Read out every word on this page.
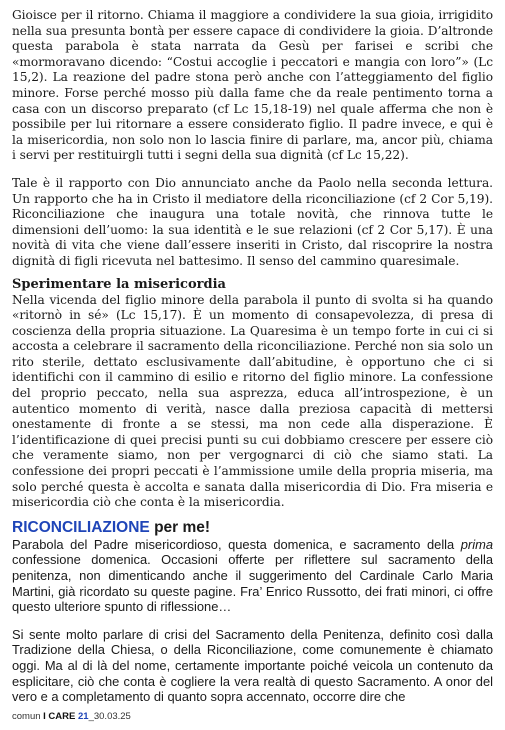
Gioisce per il ritorno. Chiama il maggiore a condividere la sua gioia, irrigidito nella sua presunta bontà per essere capace di condividere la gioia. D’altronde questa parabola è stata narrata da Gesù per farisei e scribi che «mormoravano dicendo: “Costui accoglie i peccatori e mangia con loro”» (Lc 15,2). La reazione del padre stona però anche con l’atteggiamento del figlio minore. Forse perché mosso più dalla fame che da reale pentimento torna a casa con un discorso preparato (cf Lc 15,18-19) nel quale afferma che non è possibile per lui ritornare a essere considerato figlio. Il padre invece, e qui è la misericordia, non solo non lo lascia finire di parlare, ma, ancor più, chiama i servi per restituirgli tutti i segni della sua dignità (cf Lc 15,22).

Tale è il rapporto con Dio annunciato anche da Paolo nella seconda lettura. Un rapporto che ha in Cristo il mediatore della riconciliazione (cf 2 Cor 5,19). Riconciliazione che inaugura una totale novità, che rinnova tutte le dimensioni dell’uomo: la sua identità e le sue relazioni (cf 2 Cor 5,17). È una novità di vita che viene dall’essere inseriti in Cristo, dal riscoprire la nostra dignità di figli ricevuta nel battesimo. Il senso del cammino quaresimale.

Sperimentare la misericordia

Nella vicenda del figlio minore della parabola il punto di svolta si ha quando «ritornò in sé» (Lc 15,17). È un momento di consapevolezza, di presa di coscienza della propria situazione. La Quaresima è un tempo forte in cui ci si accosta a celebrare il sacramento della riconciliazione. Perché non sia solo un rito sterile, dettato esclusivamente dall’abitudine, è opportuno che ci si identifichi con il cammino di esilio e ritorno del figlio minore. La confessione del proprio peccato, nella sua asprezza, educa all’introspezione, è un autentico momento di verità, nasce dalla preziosa capacità di mettersi onestamente di fronte a se stessi, ma non cede alla disperazione. È l’identificazione di quei precisi punti su cui dobbiamo crescere per essere ciò che veramente siamo, non per vergognarci di ciò che siamo stati. La confessione dei propri peccati è l’ammissione umile della propria miseria, ma solo perché questa è accolta e sanata dalla misericordia di Dio. Fra miseria e misericordia ciò che conta è la misericordia.

RICONCILIAZIONE per me!

Parabola del Padre misericordioso, questa domenica, e sacramento della prima confessione domenica. Occasioni offerte per riflettere sul sacramento della penitenza, non dimenticando anche il suggerimento del Cardinale Carlo Maria Martini, già ricordato su queste pagine. Fra’ Enrico Russotto, dei frati minori, ci offre questo ulteriore spunto di riflessione…

Si sente molto parlare di crisi del Sacramento della Penitenza, definito così dalla Tradizione della Chiesa, o della Riconciliazione, come comunemente è chiamato oggi. Ma al di là del nome, certamente importante poiché veicola un contenuto da esplicitare, ciò che conta è cogliere la vera realtà di questo Sacramento. A onor del vero e a completamento di quanto sopra accennato, occorre dire che

comun I CARE 21_30.03.25
